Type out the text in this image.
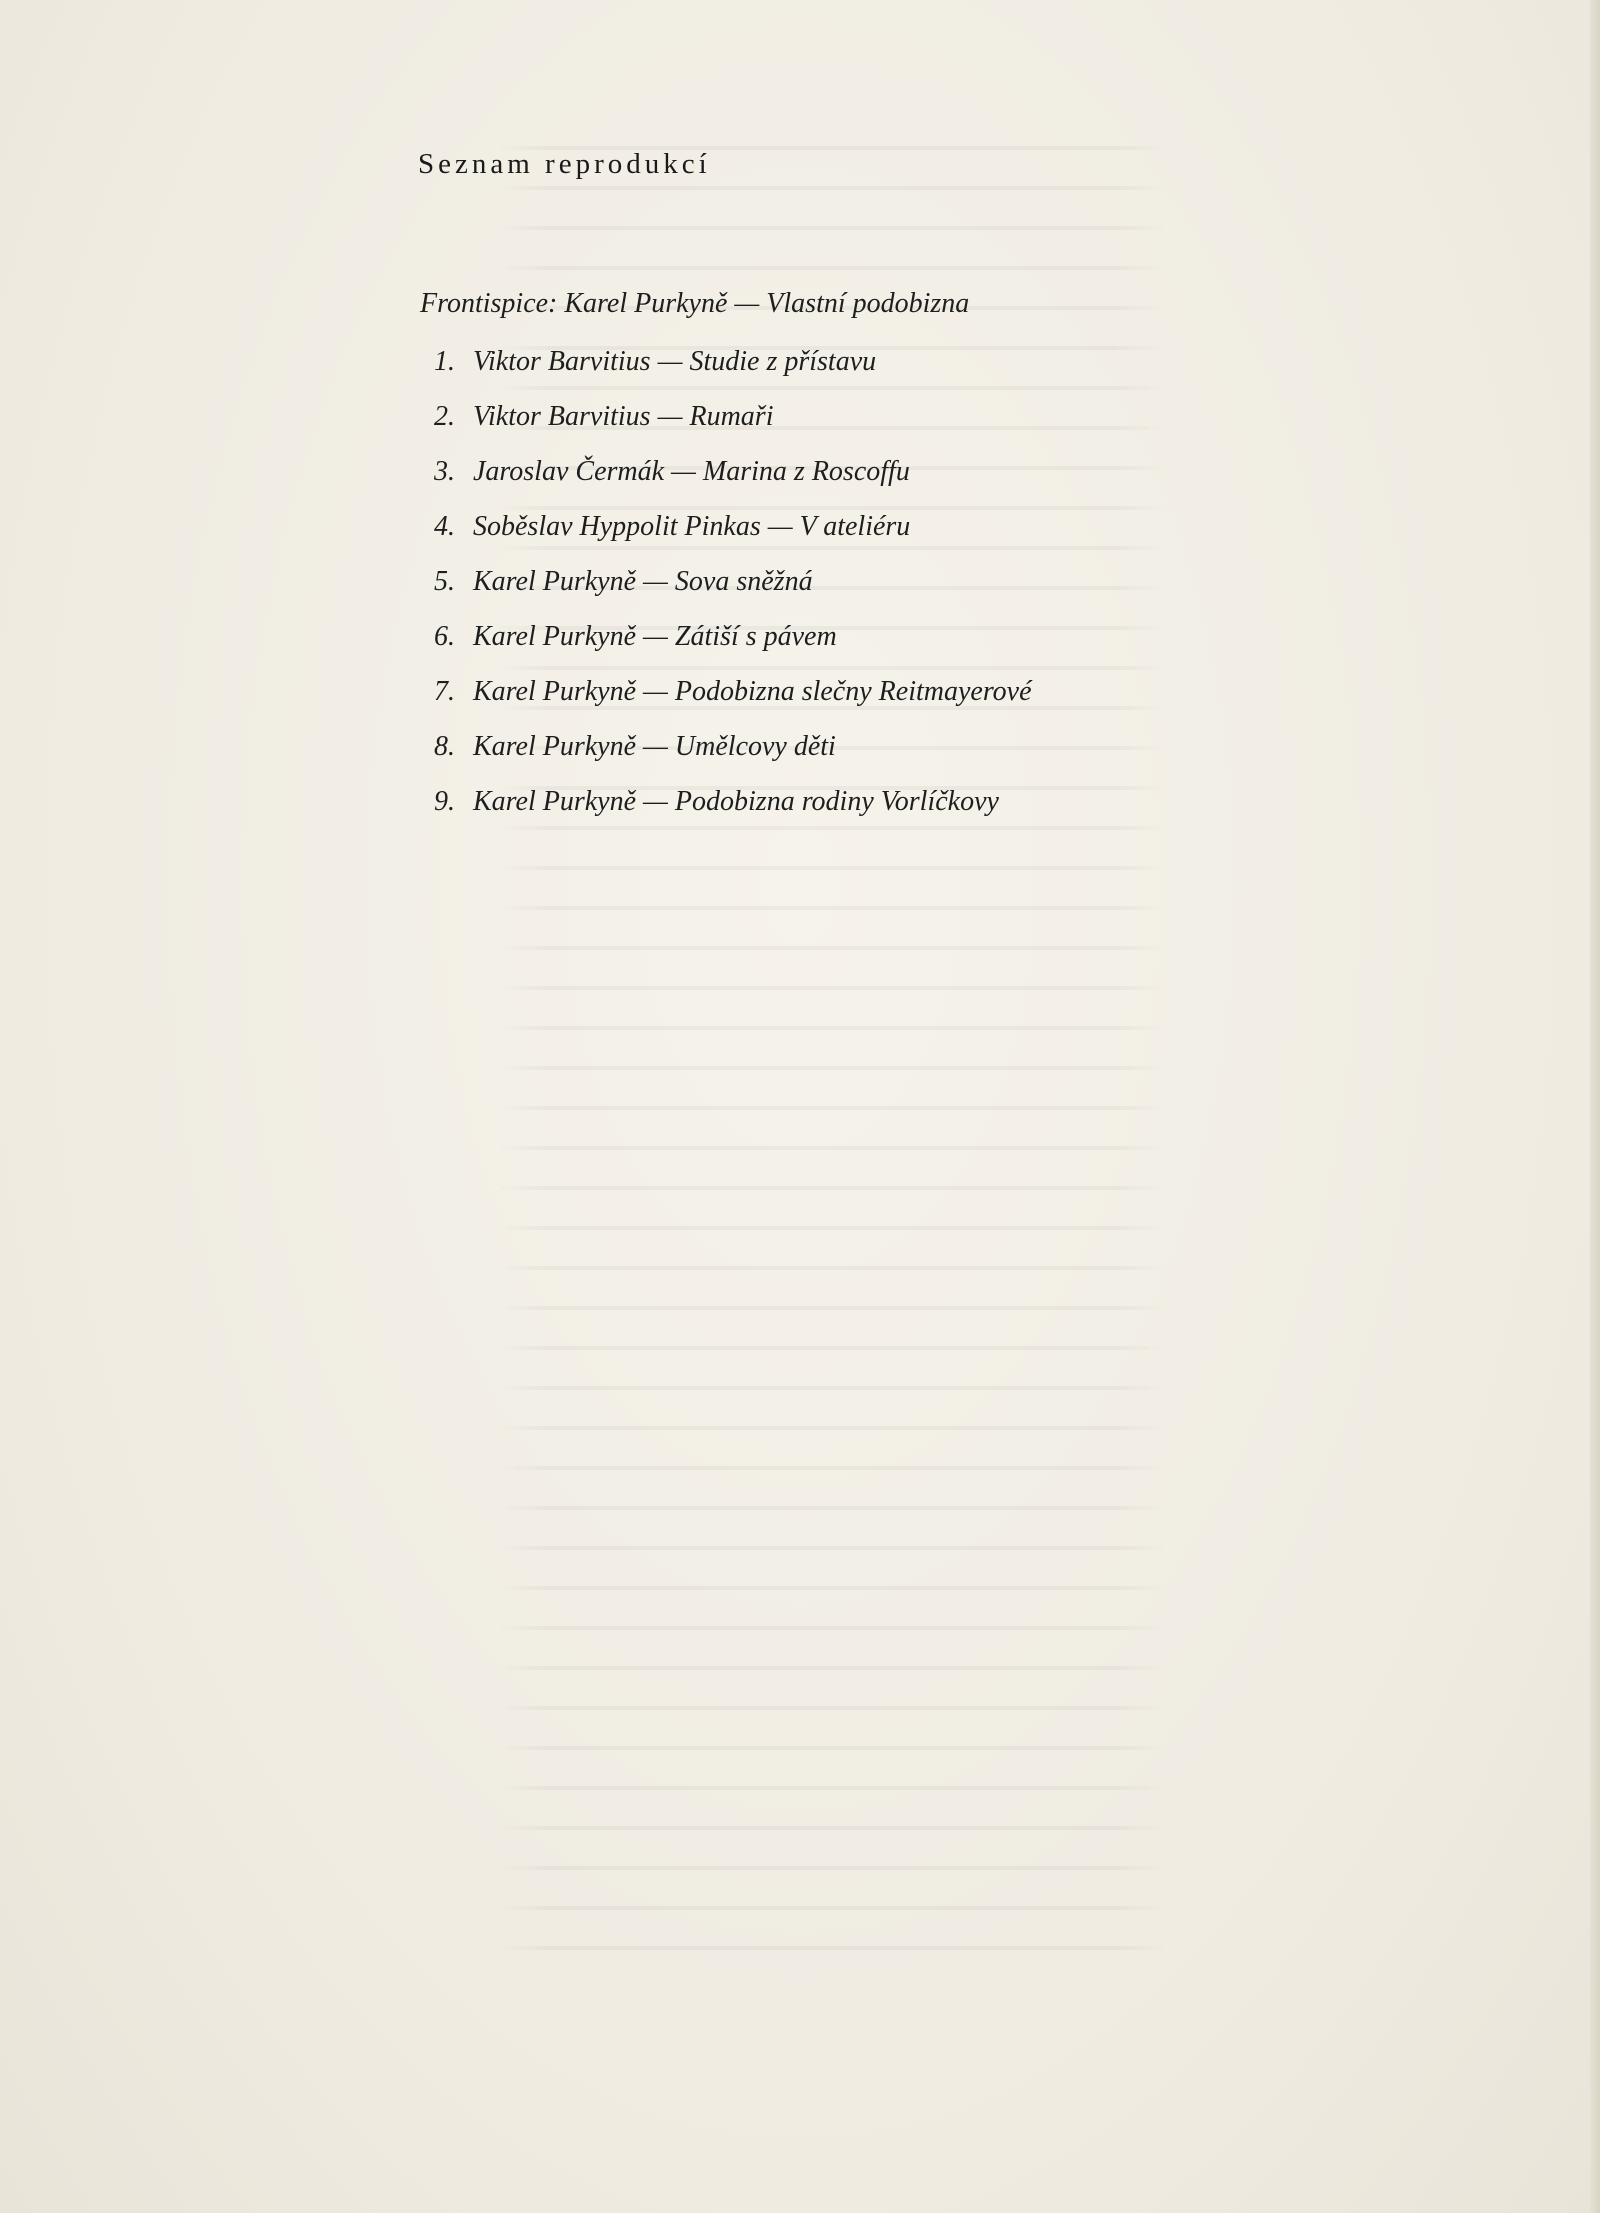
Seznam reprodukcí
Frontispice: Karel Purkyně — Vlastní podobizna
1. Viktor Barvitius — Studie z přístavu
2. Viktor Barvitius — Rumaři
3. Jaroslav Čermák — Marina z Roscoffu
4. Soběslav Hyppolit Pinkas — V ateliéru
5. Karel Purkyně — Sova sněžná
6. Karel Purkyně — Zátiší s pávem
7. Karel Purkyně — Podobizna slečny Reitmayerové
8. Karel Purkyně — Umělcovy děti
9. Karel Purkyně — Podobizna rodiny Vorlíčkovy
